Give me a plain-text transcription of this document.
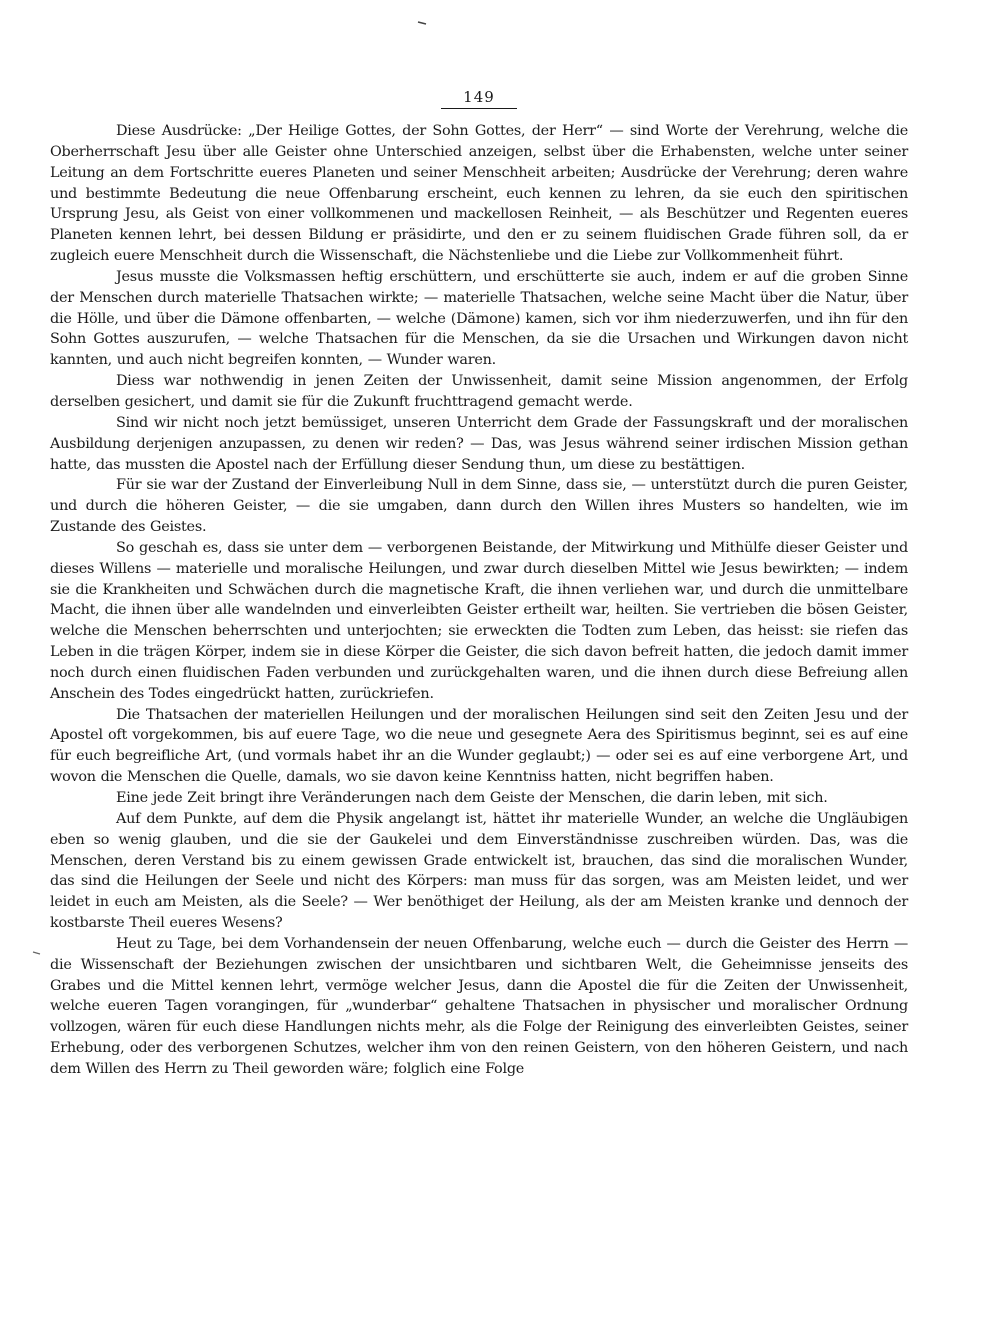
149

Diese Ausdrücke: „Der Heilige Gottes, der Sohn Gottes, der Herr“ — sind Worte der Verehrung, welche die Oberherrschaft Jesu über alle Geister ohne Unterschied anzeigen, selbst über die Erhabensten, welche unter seiner Leitung an dem Fortschritte eueres Planeten und seiner Menschheit arbeiten; Ausdrücke der Verehrung; deren wahre und bestimmte Bedeutung die neue Offenbarung erscheint, euch kennen zu lehren, da sie euch den spiritischen Ursprung Jesu, als Geist von einer vollkommenen und mackellosen Reinheit, — als Beschützer und Regenten eueres Planeten kennen lehrt, bei dessen Bildung er präsidirte, und den er zu seinem fluidischen Grade führen soll, da er zugleich euere Menschheit durch die Wissenschaft, die Nächstenliebe und die Liebe zur Vollkommenheit führt.

Jesus musste die Volksmassen heftig erschüttern, und erschütterte sie auch, indem er auf die groben Sinne der Menschen durch materielle Thatsachen wirkte; — materielle Thatsachen, welche seine Macht über die Natur, über die Hölle, und über die Dämone offenbarten, — welche (Dämone) kamen, sich vor ihm niederzuwerfen, und ihn für den Sohn Gottes auszurufen, — welche Thatsachen für die Menschen, da sie die Ursachen und Wirkungen davon nicht kannten, und auch nicht begreifen konnten, — Wunder waren.

Diess war nothwendig in jenen Zeiten der Unwissenheit, damit seine Mission angenommen, der Erfolg derselben gesichert, und damit sie für die Zukunft fruchttragend gemacht werde.

Sind wir nicht noch jetzt bemüssiget, unseren Unterricht dem Grade der Fassungskraft und der moralischen Ausbildung derjenigen anzupassen, zu denen wir reden? — Das, was Jesus während seiner irdischen Mission gethan hatte, das mussten die Apostel nach der Erfüllung dieser Sendung thun, um diese zu bestättigen.

Für sie war der Zustand der Einverleibung Null in dem Sinne, dass sie, — unterstützt durch die puren Geister, und durch die höheren Geister, — die sie umgaben, dann durch den Willen ihres Musters so handelten, wie im Zustande des Geistes.

So geschah es, dass sie unter dem — verborgenen Beistande, der Mitwirkung und Mithülfe dieser Geister und dieses Willens — materielle und moralische Heilungen, und zwar durch dieselben Mittel wie Jesus bewirkten; — indem sie die Krankheiten und Schwächen durch die magnetische Kraft, die ihnen verliehen war, und durch die unmittelbare Macht, die ihnen über alle wandelnden und einverleibten Geister ertheilt war, heilten. Sie vertrieben die bösen Geister, welche die Menschen beherrschten und unterjochten; sie erweckten die Todten zum Leben, das heisst: sie riefen das Leben in die trägen Körper, indem sie in diese Körper die Geister, die sich davon befreit hatten, die jedoch damit immer noch durch einen fluidischen Faden verbunden und zurückgehalten waren, und die ihnen durch diese Befreiung allen Anschein des Todes eingedrückt hatten, zurückriefen.

Die Thatsachen der materiellen Heilungen und der moralischen Heilungen sind seit den Zeiten Jesu und der Apostel oft vorgekommen, bis auf euere Tage, wo die neue und gesegnete Aera des Spiritismus beginnt, sei es auf eine für euch begreifliche Art, (und vormals habet ihr an die Wunder geglaubt;) — oder sei es auf eine verborgene Art, und wovon die Menschen die Quelle, damals, wo sie davon keine Kenntniss hatten, nicht begriffen haben.

Eine jede Zeit bringt ihre Veränderungen nach dem Geiste der Menschen, die darin leben, mit sich.

Auf dem Punkte, auf dem die Physik angelangt ist, hättet ihr materielle Wunder, an welche die Ungläubigen eben so wenig glauben, und die sie der Gaukelei und dem Einverständnisse zuschreiben würden. Das, was die Menschen, deren Verstand bis zu einem gewissen Grade entwickelt ist, brauchen, das sind die moralischen Wunder, das sind die Heilungen der Seele und nicht des Körpers: man muss für das sorgen, was am Meisten leidet, und wer leidet in euch am Meisten, als die Seele? — Wer benöthiget der Heilung, als der am Meisten kranke und dennoch der kostbarste Theil eueres Wesens?

Heut zu Tage, bei dem Vorhandensein der neuen Offenbarung, welche euch — durch die Geister des Herrn — die Wissenschaft der Beziehungen zwischen der unsichtbaren und sichtbaren Welt, die Geheimnisse jenseits des Grabes und die Mittel kennen lehrt, vermöge welcher Jesus, dann die Apostel die für die Zeiten der Unwissenheit, welche eueren Tagen vorangingen, für „wunderbar“ gehaltene Thatsachen in physischer und moralischer Ordnung vollzogen, wären für euch diese Handlungen nichts mehr, als die Folge der Reinigung des einverleibten Geistes, seiner Erhebung, oder des verborgenen Schutzes, welcher ihm von den reinen Geistern, von den höheren Geistern, und nach dem Willen des Herrn zu Theil geworden wäre; folglich eine Folge
